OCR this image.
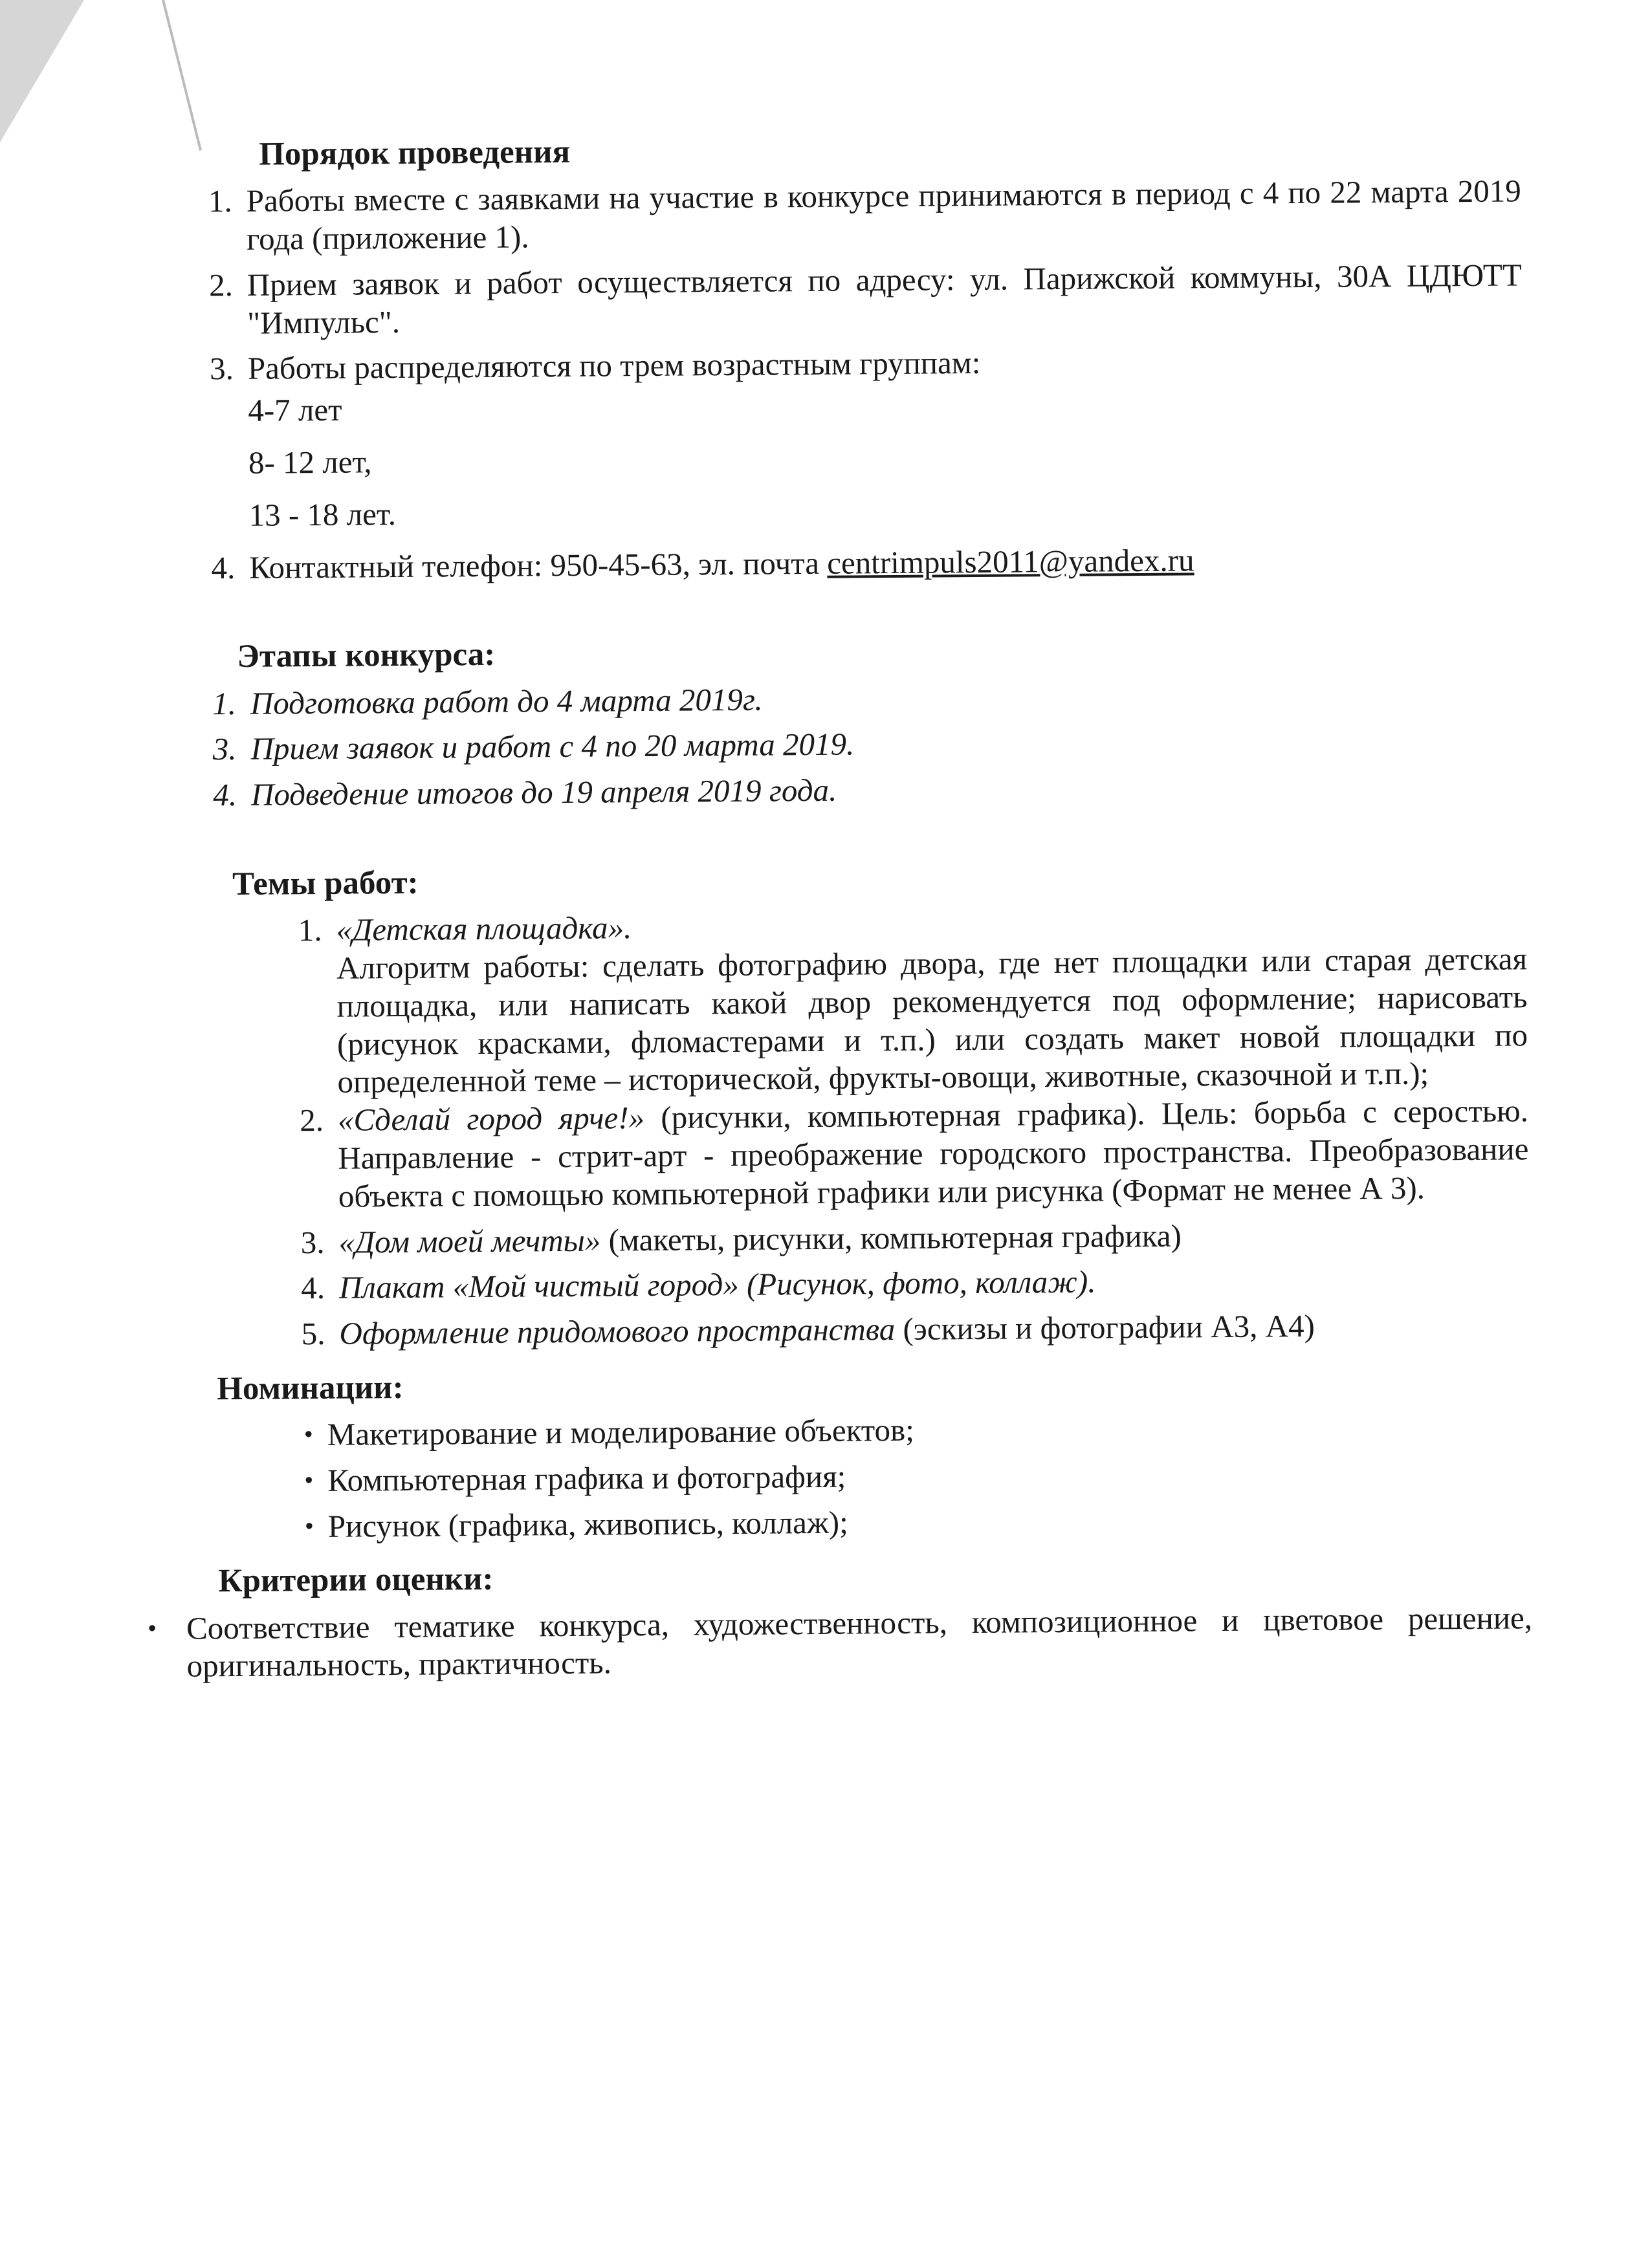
Порядок проведения
1. Работы вместе с заявками на участие в конкурсе принимаются в период с 4 по 22 марта 2019 года (приложение 1).
2. Прием заявок и работ осуществляется по адресу: ул. Парижской коммуны, 30А ЦДЮТТ "Импульс".
3. Работы распределяются по трем возрастным группам:
4-7 лет
8- 12 лет,
13 - 18 лет.
4. Контактный телефон: 950-45-63, эл. почта centrimpuls2011@yandex.ru
Этапы конкурса:
1. Подготовка работ до 4 марта 2019г.
3. Прием заявок и работ с 4 по 20 марта 2019.
4. Подведение итогов до 19 апреля 2019 года.
Темы работ:
1. «Детская площадка».
Алгоритм работы: сделать фотографию двора, где нет площадки или старая детская площадка, или написать какой двор рекомендуется под оформление; нарисовать (рисунок красками, фломастерами и т.п.) или создать макет новой площадки по определенной теме – исторической, фрукты-овощи, животные, сказочной и т.п.);
2. «Сделай город ярче!» (рисунки, компьютерная графика). Цель: борьба с серостью. Направление - стрит-арт - преображение городского пространства. Преобразование объекта с помощью компьютерной графики или рисунка (Формат не менее А 3).
3. «Дом моей мечты» (макеты, рисунки, компьютерная графика)
4. Плакат «Мой чистый город» (Рисунок, фото, коллаж).
5. Оформление придомового пространства (эскизы и фотографии А3, А4)
Номинации:
• Макетирование и моделирование объектов;
• Компьютерная графика и фотография;
• Рисунок (графика, живопись, коллаж);
Критерии оценки:
• Соответствие тематике конкурса, художественность, композиционное и цветовое решение, оригинальность, практичность.
